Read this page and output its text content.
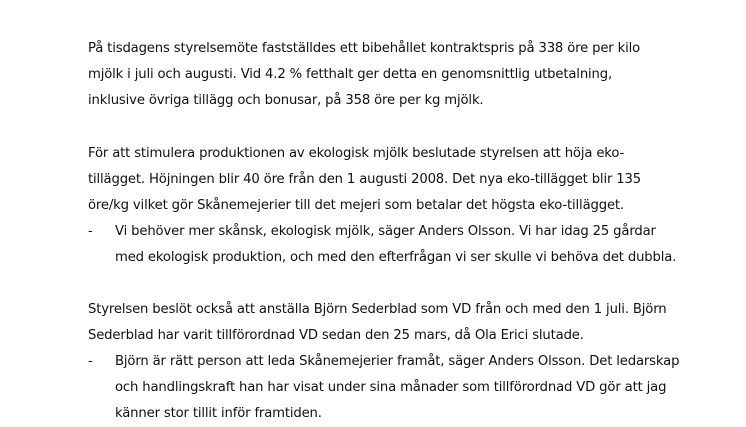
På tisdagens styrelsemöte fastställdes ett bibehållet kontraktspris på 338 öre per kilo
mjölk i juli och augusti. Vid 4.2 % fetthalt ger detta en genomsnittlig utbetalning,
inklusive övriga tillägg och bonusar, på 358 öre per kg mjölk.
För att stimulera produktionen av ekologisk mjölk beslutade styrelsen att höja eko-
tillägget. Höjningen blir 40 öre från den 1 augusti 2008. Det nya eko-tillägget blir 135
öre/kg vilket gör Skånemejerier till det mejeri som betalar det högsta eko-tillägget.
-	Vi behöver mer skånsk, ekologisk mjölk, säger Anders Olsson. Vi har idag 25 gårdar
med ekologisk produktion, och med den efterfrågan vi ser skulle vi behöva det dubbla.
Styrelsen beslöt också att anställa Björn Sederblad som VD från och med den 1 juli. Björn
Sederblad har varit tillförordnad VD sedan den 25 mars, då Ola Erici slutade.
-	Björn är rätt person att leda Skånemejerier framåt, säger Anders Olsson. Det ledarskap
och handlingskraft han har visat under sina månader som tillförordnad VD gör att jag
känner stor tillit inför framtiden.
